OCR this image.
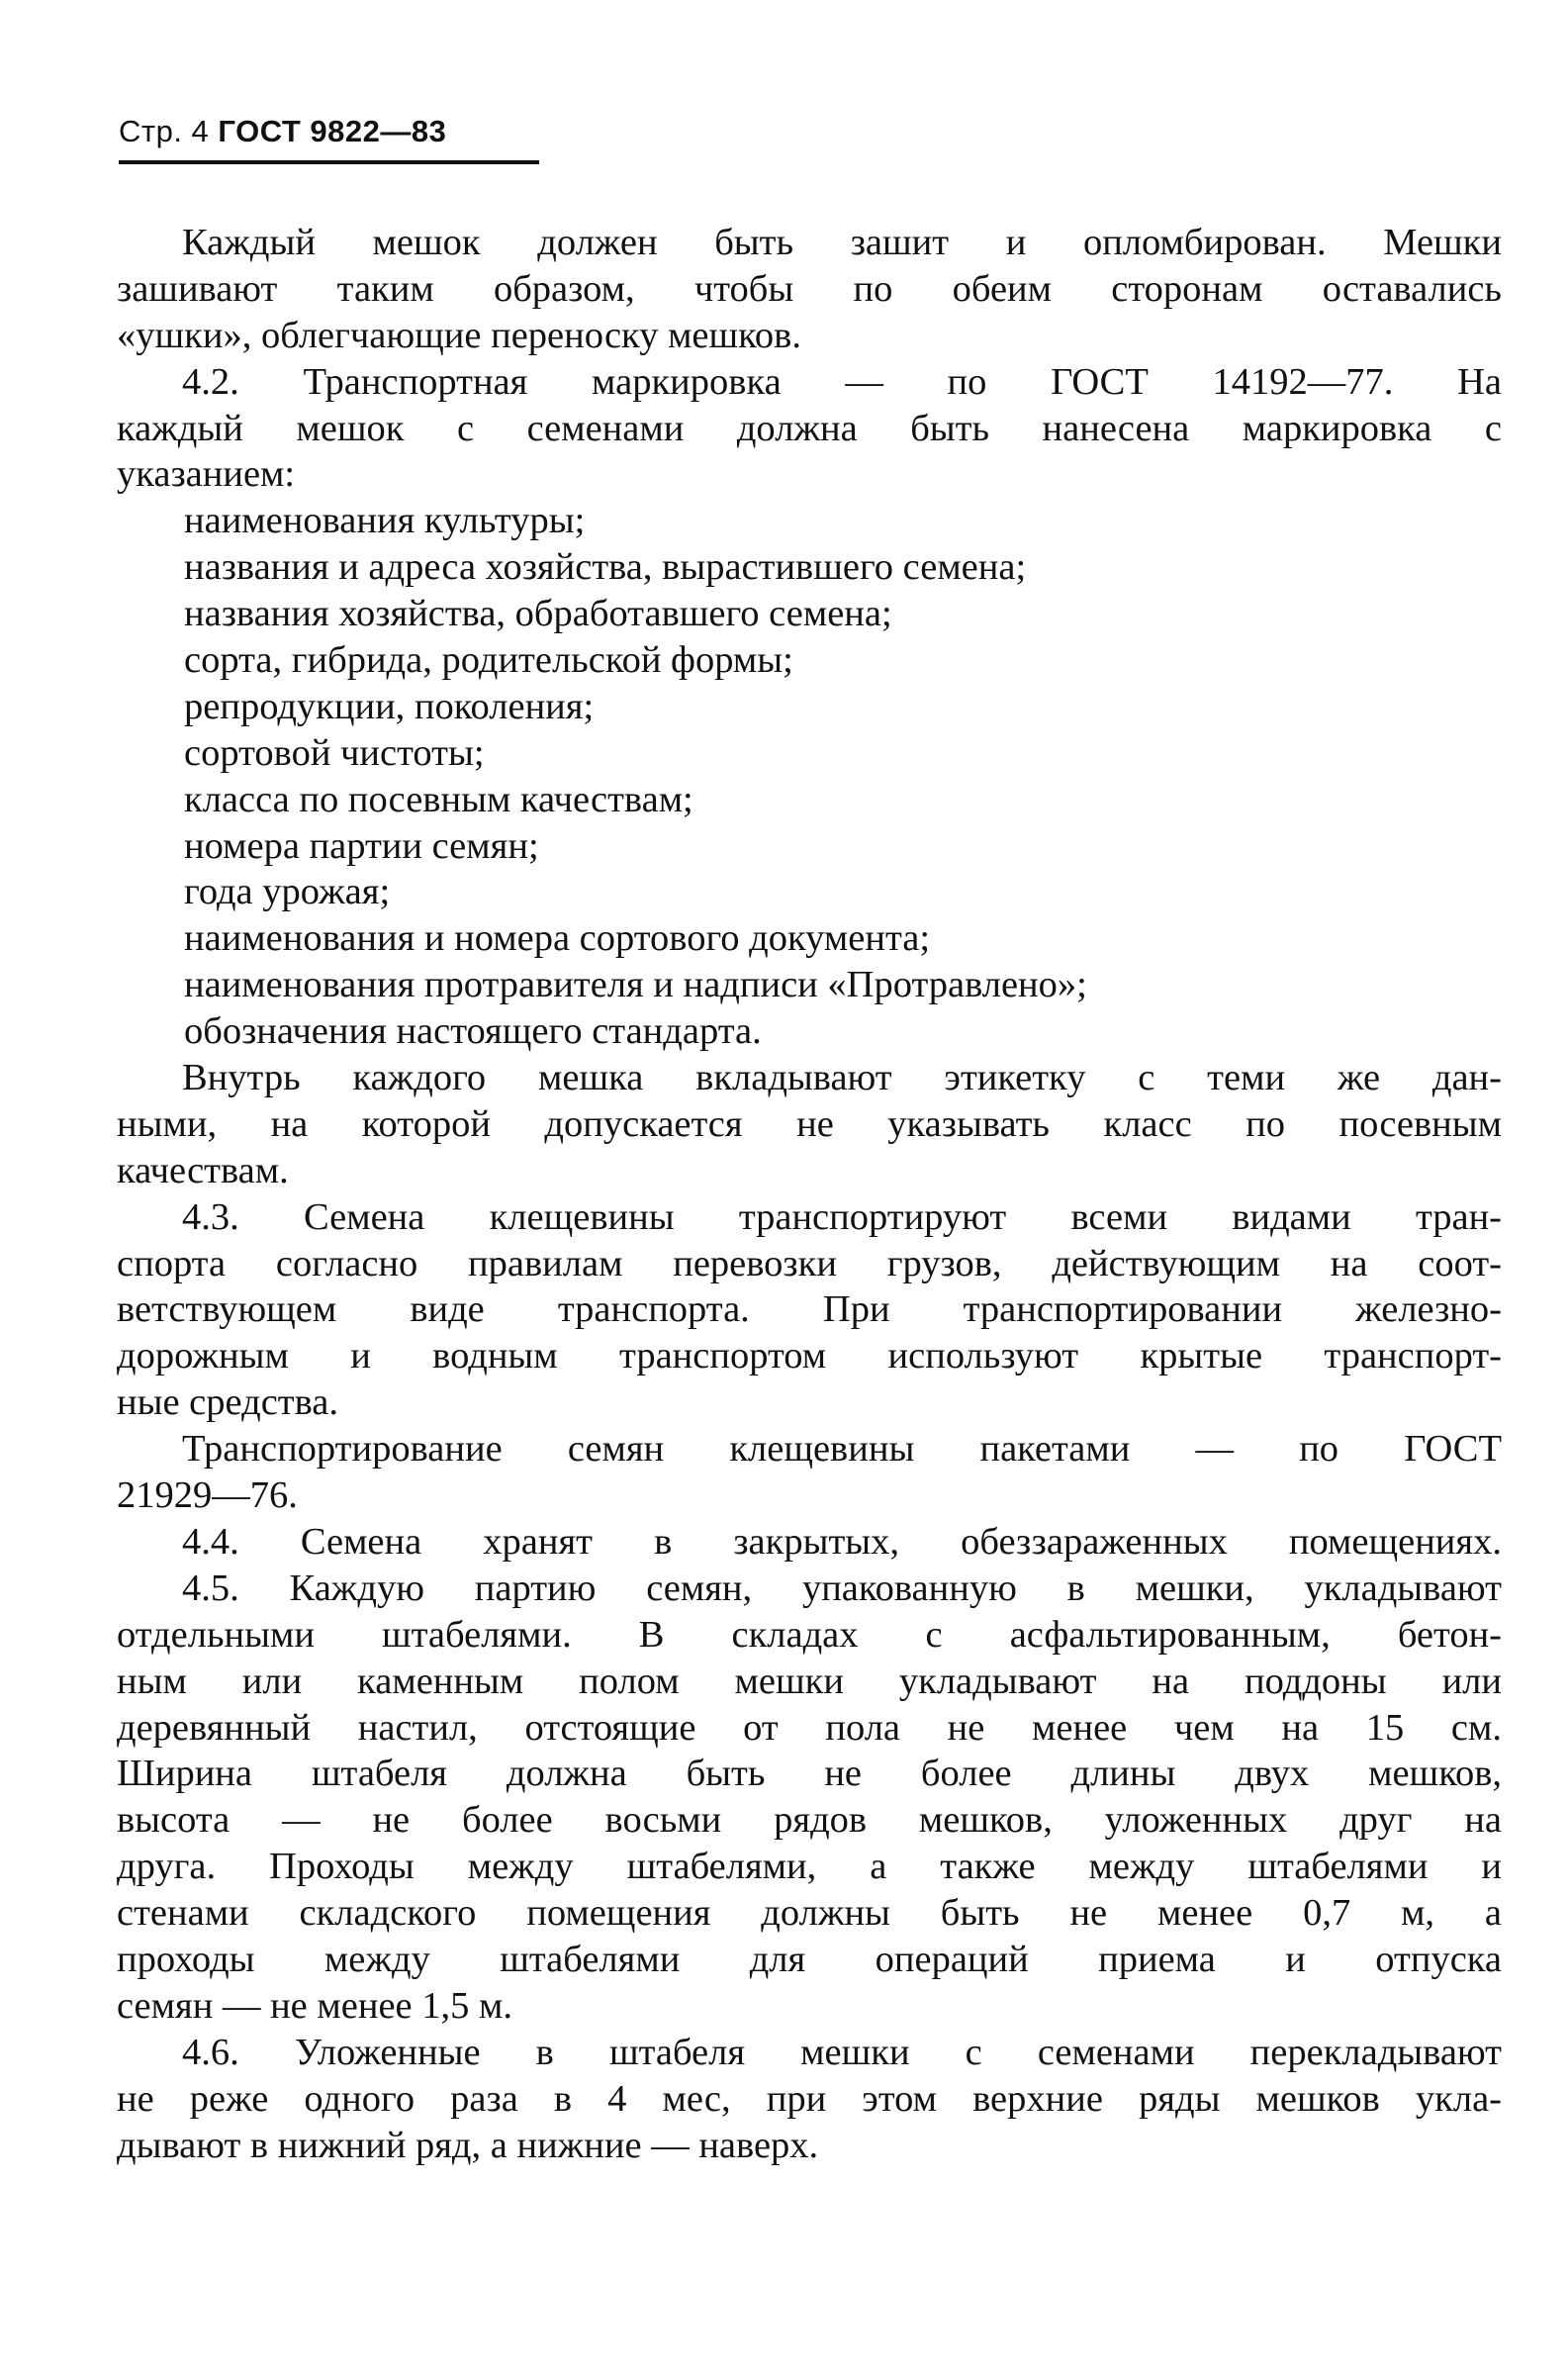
Стр. 4 ГОСТ 9822—83
Каждый мешок должен быть зашит и опломбирован. Мешки
зашивают таким образом, чтобы по обеим сторонам оставались
«ушки», облегчающие переноску мешков.
4.2. Транспортная маркировка — по ГОСТ 14192—77. На
каждый мешок с семенами должна быть нанесена маркировка с
указанием:
наименования культуры;
названия и адреса хозяйства, вырастившего семена;
названия хозяйства, обработавшего семена;
сорта, гибрида, родительской формы;
репродукции, поколения;
сортовой чистоты;
класса по посевным качествам;
номера партии семян;
года урожая;
наименования и номера сортового документа;
наименования протравителя и надписи «Протравлено»;
обозначения настоящего стандарта.
Внутрь каждого мешка вкладывают этикетку с теми же дан-
ными, на которой допускается не указывать класс по посевным
качествам.
4.3. Семена клещевины транспортируют всеми видами тран-
спорта согласно правилам перевозки грузов, действующим на соот-
ветствующем виде транспорта. При транспортировании железно-
дорожным и водным транспортом используют крытые транспорт-
ные средства.
Транспортирование семян клещевины пакетами — по ГОСТ
21929—76.
4.4. Семена хранят в закрытых, обеззараженных помещениях.
4.5. Каждую партию семян, упакованную в мешки, укладывают
отдельными штабелями. В складах с асфальтированным, бетон-
ным или каменным полом мешки укладывают на поддоны или
деревянный настил, отстоящие от пола не менее чем на 15 см.
Ширина штабеля должна быть не более длины двух мешков,
высота — не более восьми рядов мешков, уложенных друг на
друга. Проходы между штабелями, а также между штабелями и
стенами складского помещения должны быть не менее 0,7 м, а
проходы между штабелями для операций приема и отпуска
семян — не менее 1,5 м.
4.6. Уложенные в штабеля мешки с семенами перекладывают
не реже одного раза в 4 мес, при этом верхние ряды мешков укла-
дывают в нижний ряд, а нижние — наверх.
